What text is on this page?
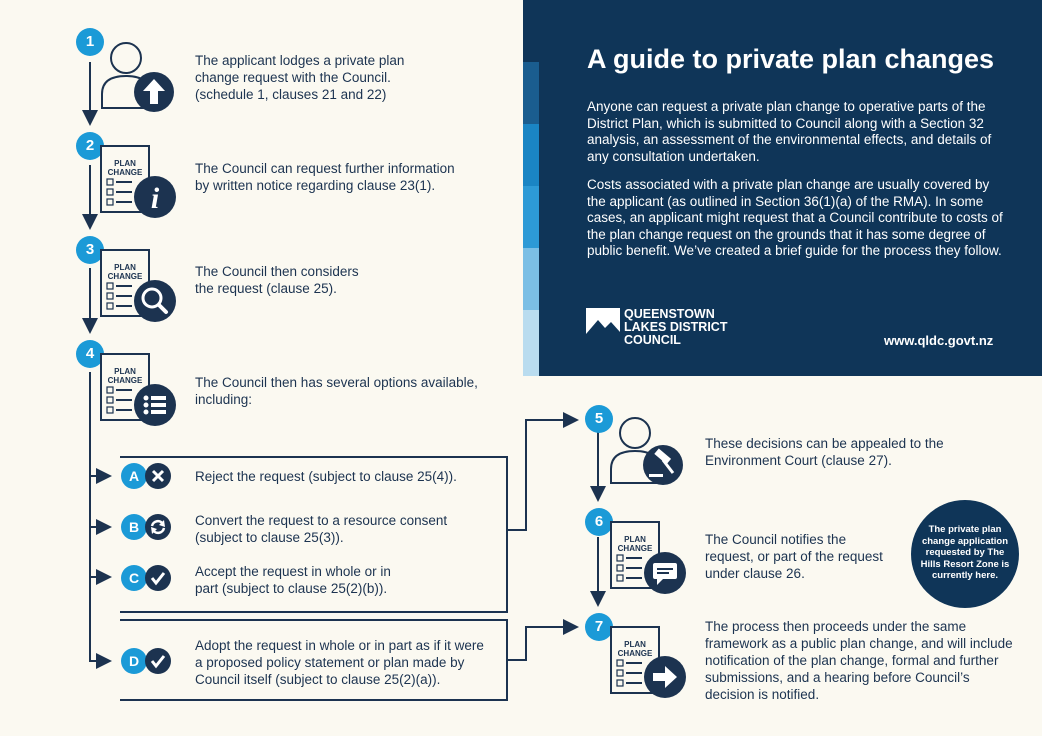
A guide to private plan changes
Anyone can request a private plan change to operative parts of the District Plan, which is submitted to Council along with a Section 32 analysis, an assessment of the environmental effects, and details of any consultation undertaken.
Costs associated with a private plan change are usually covered by the applicant (as outlined in Section 36(1)(a) of the RMA). In some cases, an applicant might request that a Council contribute to costs of the plan change request on the grounds that it has some degree of public benefit. We’ve created a brief guide for the process they follow.
QUEENSTOWN
LAKES DISTRICT
COUNCIL	www.qldc.govt.nz
1
The applicant lodges a private plan
change request with the Council.
(schedule 1, clauses 21 and 22)
2
PLAN
CHANGE
i
The Council can request further information
by written notice regarding clause 23(1).
3
PLAN
CHANGE	The Council then considers
the request (clause 25).
4
PLAN
CHANGE	The Council then has several options available,
including:
A	Reject the request (subject to clause 25(4)).
B	Convert the request to a resource consent
(subject to clause 25(3)).
C	Accept the request in whole or in
part (subject to clause 25(2)(b)).
D
Adopt the request in whole or in part as if it were
a proposed policy statement or plan made by
Council itself (subject to clause 25(2)(a)).
5
These decisions can be appealed to the
Environment Court (clause 27).
6
PLAN
CHANGE
The Council notifies the
request, or part of the request
under clause 26.
7
PLAN
CHANGE
The process then proceeds under the same
framework as a public plan change, and will include
notification of the plan change, formal and further
submissions, and a hearing before Council’s
decision is notified.
The private plan
change application
requested by The
Hills Resort Zone is
currently here.
